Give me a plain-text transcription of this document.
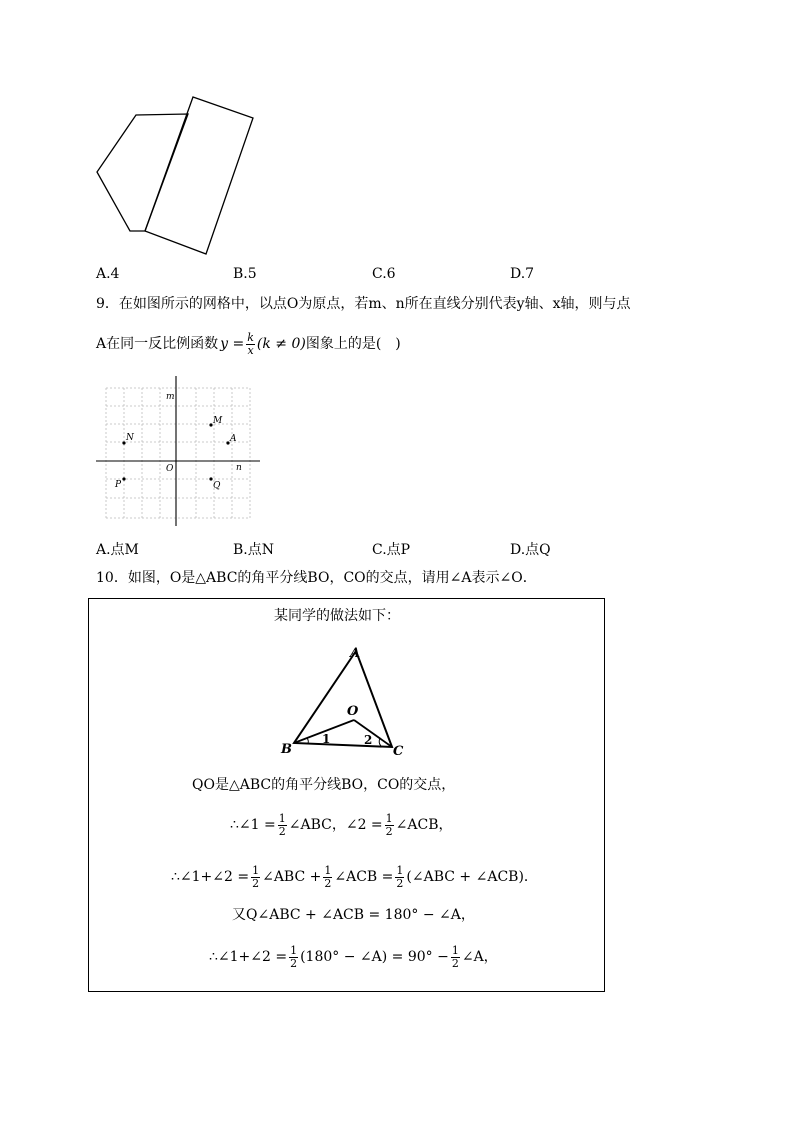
A.4	B.5	C.6	D.7
9．在如图所示的网格中，以点O为原点，若m、n所在直线分别代表y轴、x轴，则与点
A在同一反比例函数 $y = \frac{k}{x} (k \ne 0)$ 图象上的是(　)
m
n
O
M
A
N
P	Q
A.点M	B.点N	C.点P	D.点Q
10．如图，O是△ABC的角平分线BO，CO的交点，请用∠A表示∠O．
某同学的做法如下：
A
B	C
O
1	2
QO是△ABC的角平分线BO，CO的交点，
∴∠1 = $\frac{1}{2}$ ∠ABC，∠2 = $\frac{1}{2}$ ∠ACB，
∴∠1+∠2 = $\frac{1}{2}$ ∠ABC + $\frac{1}{2}$ ∠ACB = $\frac{1}{2}$ (∠ABC + ∠ACB)．
又Q∠ABC + ∠ACB = 180° − ∠A，
∴∠1+∠2 = $\frac{1}{2} (180^\circ$ − ∠A) = $90^\circ - \frac{1}{2}$ ∠A，
